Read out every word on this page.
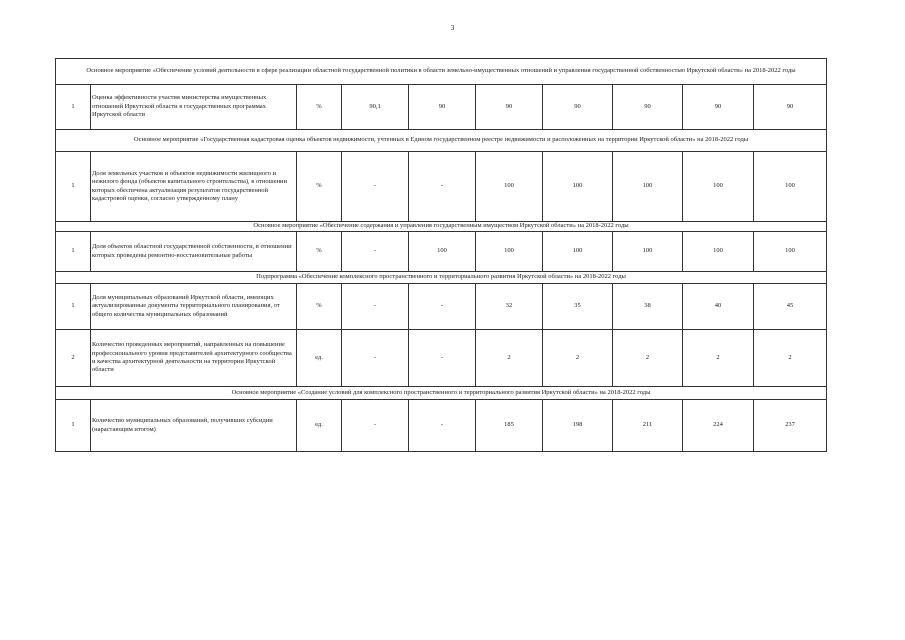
3
Основное мероприятие «Обеспечение условий деятельности в сфере реализации областной государственной политики в области земельно-имущественных отношений и управления государственной собственностью Иркутской области» на 2018-2022 годы									
1	Оценка эффективности участия министерства имущественных отношений Иркутской области в государственных программах Иркутской области	%	90,1	90	90	90	90	90	90
Основное мероприятие «Государственная кадастровая оценка объектов недвижимости, учтенных в Едином государственном реестре недвижимости и расположенных на территории Иркутской области» на 2018-2022 годы									
1	Доля земельных участков и объектов недвижимости жилищного и нежилого фонда (объектов капитального строительства), в отношении которых обеспечена актуализация результатов государственной кадастровой оценки, согласно утвержденному плану	%	-	-	100	100	100	100	100
Основное мероприятие «Обеспечение содержания и управления государственным имуществом Иркутской области» на 2018-2022 годы									
1	Доля объектов областной государственной собственности, в отношении которых проведены ремонтно-восстановительные работы	%	-	100	100	100	100	100	100
Подпрограмма «Обеспечение комплексного пространственного и территориального развития Иркутской области» на 2018-2022 годы									
1	Доля муниципальных образований Иркутской области, имеющих актуализированные документы территориального планирования, от общего количества муниципальных образований	%	-	-	32	35	38	40	45
2	Количество проведенных мероприятий, направленных на повышение профессионального уровня представителей архитектурного сообщества и качества архитектурной деятельности на территории Иркутской области	ед.	-	-	2	2	2	2	2
Основное мероприятие «Создание условий для комплексного пространственного и территориального развития Иркутской области» на 2018-2022 годы									
1	Количество муниципальных образований, получивших субсидии (нарастающим итогом)	ед.	-	-	185	198	211	224	237
